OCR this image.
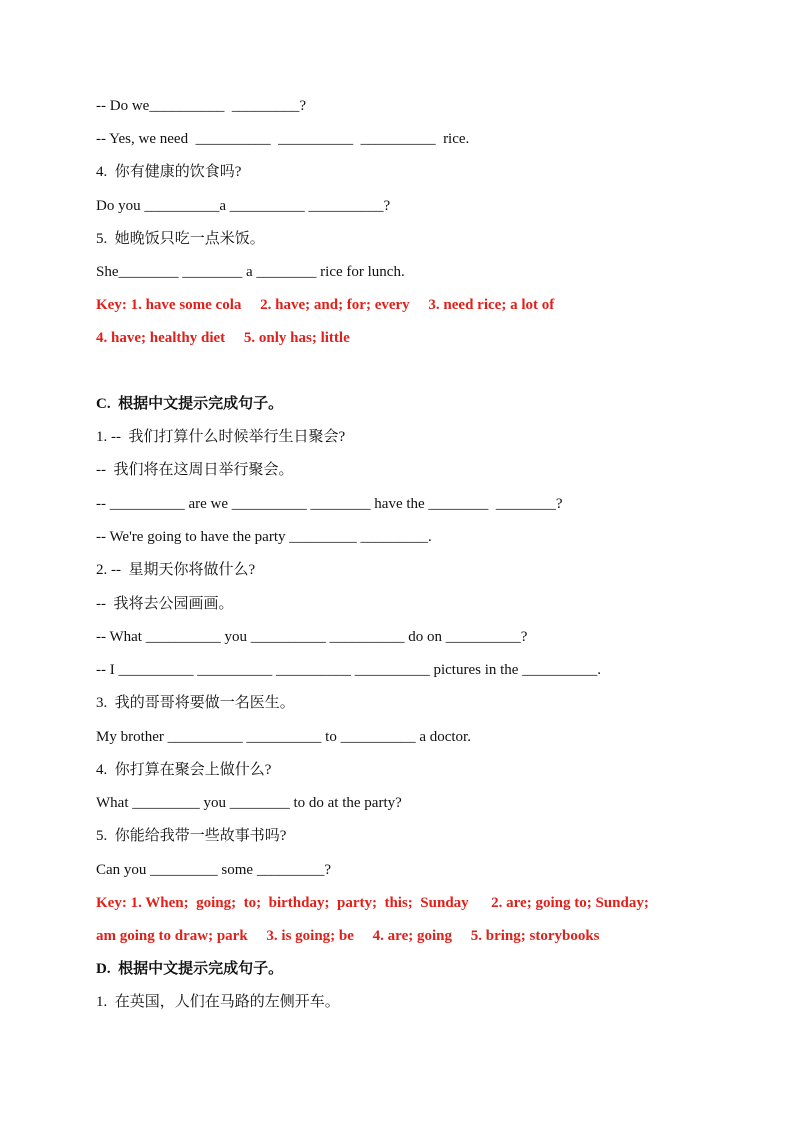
-- Do we__________  _________?
-- Yes, we need  __________  __________  __________  rice.
4.  你有健康的饮食吗?
Do you __________a __________ __________?
5.  她晚饭只吃一点米饭。
She________ ________ a ________ rice for lunch.
Key: 1. have some cola     2. have; and; for; every     3. need rice; a lot of
4. have; healthy diet     5. only has; little
C.  根据中文提示完成句子。
1. --  我们打算什么时候举行生日聚会?
--  我们将在这周日举行聚会。
-- __________ are we __________ ________ have the ________  ________?
-- We're going to have the party _________ _________.
2. --  星期天你将做什么?
--  我将去公园画画。
-- What __________ you __________ __________ do on __________?
-- I __________ __________ __________ __________ pictures in the __________.
3.  我的哥哥将要做一名医生。
My brother __________ __________ to __________ a doctor.
4.  你打算在聚会上做什么?
What _________ you ________ to do at the party?
5.  你能给我带一些故事书吗?
Can you _________ some _________?
Key: 1. When;  going;  to;  birthday;  party;  this;  Sunday      2. are; going to; Sunday;
am going to draw; park     3. is going; be     4. are; going     5. bring; storybooks
D.  根据中文提示完成句子。
1.  在英国，人们在马路的左侧开车。
